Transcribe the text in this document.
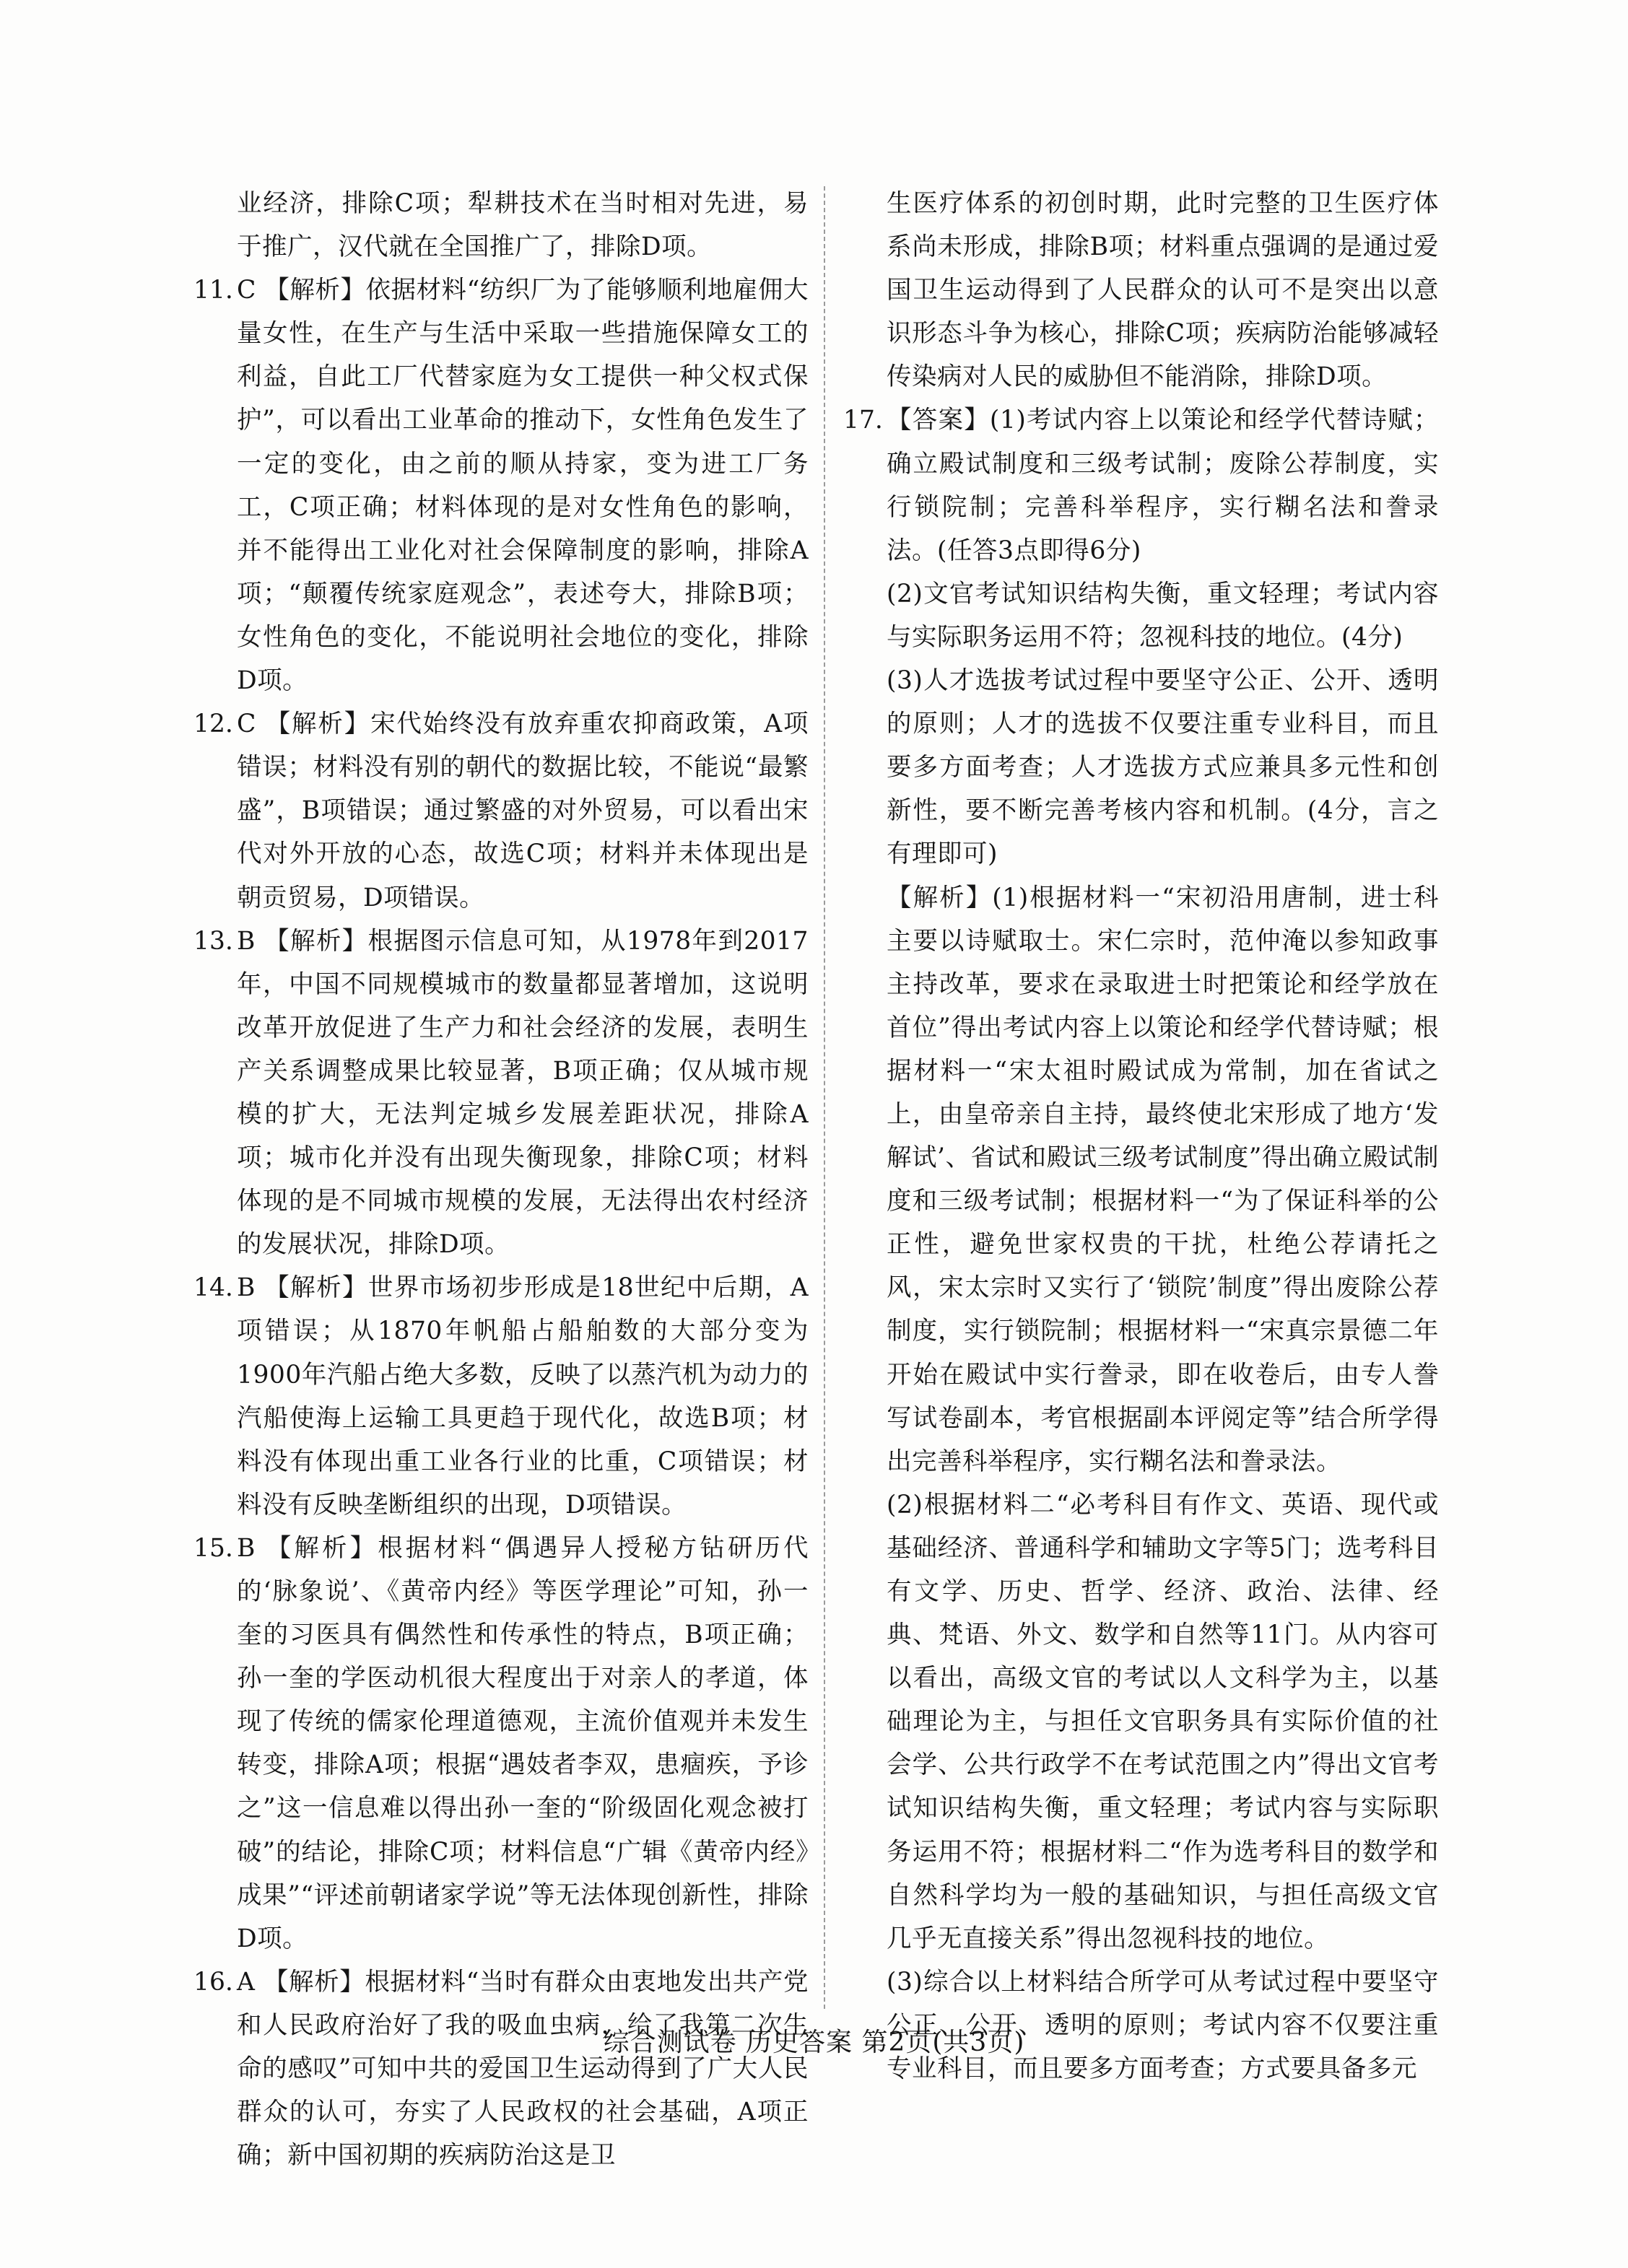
业经济，排除C项；犁耕技术在当时相对先进，易于推广，汉代就在全国推广了，排除D项。

11. C 【解析】依据材料“纺织厂为了能够顺利地雇佣大量女性，在生产与生活中采取一些措施保障女工的利益，自此工厂代替家庭为女工提供一种父权式保护”，可以看出工业革命的推动下，女性角色发生了一定的变化，由之前的顺从持家，变为进工厂务工，C项正确；材料体现的是对女性角色的影响，并不能得出工业化对社会保障制度的影响，排除A项；“颠覆传统家庭观念”，表述夸大，排除B项；女性角色的变化，不能说明社会地位的变化，排除D项。

12. C 【解析】宋代始终没有放弃重农抑商政策，A项错误；材料没有别的朝代的数据比较，不能说“最繁盛”，B项错误；通过繁盛的对外贸易，可以看出宋代对外开放的心态，故选C项；材料并未体现出是朝贡贸易，D项错误。

13. B 【解析】根据图示信息可知，从1978年到2017年，中国不同规模城市的数量都显著增加，这说明改革开放促进了生产力和社会经济的发展，表明生产关系调整成果比较显著，B项正确；仅从城市规模的扩大，无法判定城乡发展差距状况，排除A项；城市化并没有出现失衡现象，排除C项；材料体现的是不同城市规模的发展，无法得出农村经济的发展状况，排除D项。

14. B 【解析】世界市场初步形成是18世纪中后期，A项错误；从1870年帆船占船舶数的大部分变为1900年汽船占绝大多数，反映了以蒸汽机为动力的汽船使海上运输工具更趋于现代化，故选B项；材料没有体现出重工业各行业的比重，C项错误；材料没有反映垄断组织的出现，D项错误。

15. B 【解析】根据材料“偶遇异人授秘方钻研历代的‘脉象说’、《黄帝内经》等医学理论”可知，孙一奎的习医具有偶然性和传承性的特点，B项正确；孙一奎的学医动机很大程度出于对亲人的孝道，体现了传统的儒家伦理道德观，主流价值观并未发生转变，排除A项；根据“遇妓者李双，患痼疾，予诊之”这一信息难以得出孙一奎的“阶级固化观念被打破”的结论，排除C项；材料信息“广辑《黄帝内经》成果”“评述前朝诸家学说”等无法体现创新性，排除D项。

16. A 【解析】根据材料“当时有群众由衷地发出共产党和人民政府治好了我的吸血虫病，给了我第二次生命的感叹”可知中共的爱国卫生运动得到了广大人民群众的认可，夯实了人民政权的社会基础，A项正确；新中国初期的疾病防治这是卫

生医疗体系的初创时期，此时完整的卫生医疗体系尚未形成，排除B项；材料重点强调的是通过爱国卫生运动得到了人民群众的认可不是突出以意识形态斗争为核心，排除C项；疾病防治能够减轻传染病对人民的威胁但不能消除，排除D项。

17. 【答案】(1)考试内容上以策论和经学代替诗赋；确立殿试制度和三级考试制；废除公荐制度，实行锁院制；完善科举程序，实行糊名法和誊录法。(任答3点即得6分)

(2)文官考试知识结构失衡，重文轻理；考试内容与实际职务运用不符；忽视科技的地位。(4分)

(3)人才选拔考试过程中要坚守公正、公开、透明的原则；人才的选拔不仅要注重专业科目，而且要多方面考查；人才选拔方式应兼具多元性和创新性，要不断完善考核内容和机制。(4分，言之有理即可)

【解析】(1)根据材料一“宋初沿用唐制，进士科主要以诗赋取士。宋仁宗时，范仲淹以参知政事主持改革，要求在录取进士时把策论和经学放在首位”得出考试内容上以策论和经学代替诗赋；根据材料一“宋太祖时殿试成为常制，加在省试之上，由皇帝亲自主持，最终使北宋形成了地方‘发解试’、省试和殿试三级考试制度”得出确立殿试制度和三级考试制；根据材料一“为了保证科举的公正性，避免世家权贵的干扰，杜绝公荐请托之风，宋太宗时又实行了‘锁院’制度”得出废除公荐制度，实行锁院制；根据材料一“宋真宗景德二年开始在殿试中实行誊录，即在收卷后，由专人誊写试卷副本，考官根据副本评阅定等”结合所学得出完善科举程序，实行糊名法和誊录法。

(2)根据材料二“必考科目有作文、英语、现代或基础经济、普通科学和辅助文字等5门；选考科目有文学、历史、哲学、经济、政治、法律、经典、梵语、外文、数学和自然等11门。从内容可以看出，高级文官的考试以人文科学为主，以基础理论为主，与担任文官职务具有实际价值的社会学、公共行政学不在考试范围之内”得出文官考试知识结构失衡，重文轻理；考试内容与实际职务运用不符；根据材料二“作为选考科目的数学和自然科学均为一般的基础知识，与担任高级文官几乎无直接关系”得出忽视科技的地位。

(3)综合以上材料结合所学可从考试过程中要坚守公正、公开、透明的原则；考试内容不仅要注重专业科目，而且要多方面考查；方式要具备多元

综合测试卷 历史答案 第2页(共3页)
